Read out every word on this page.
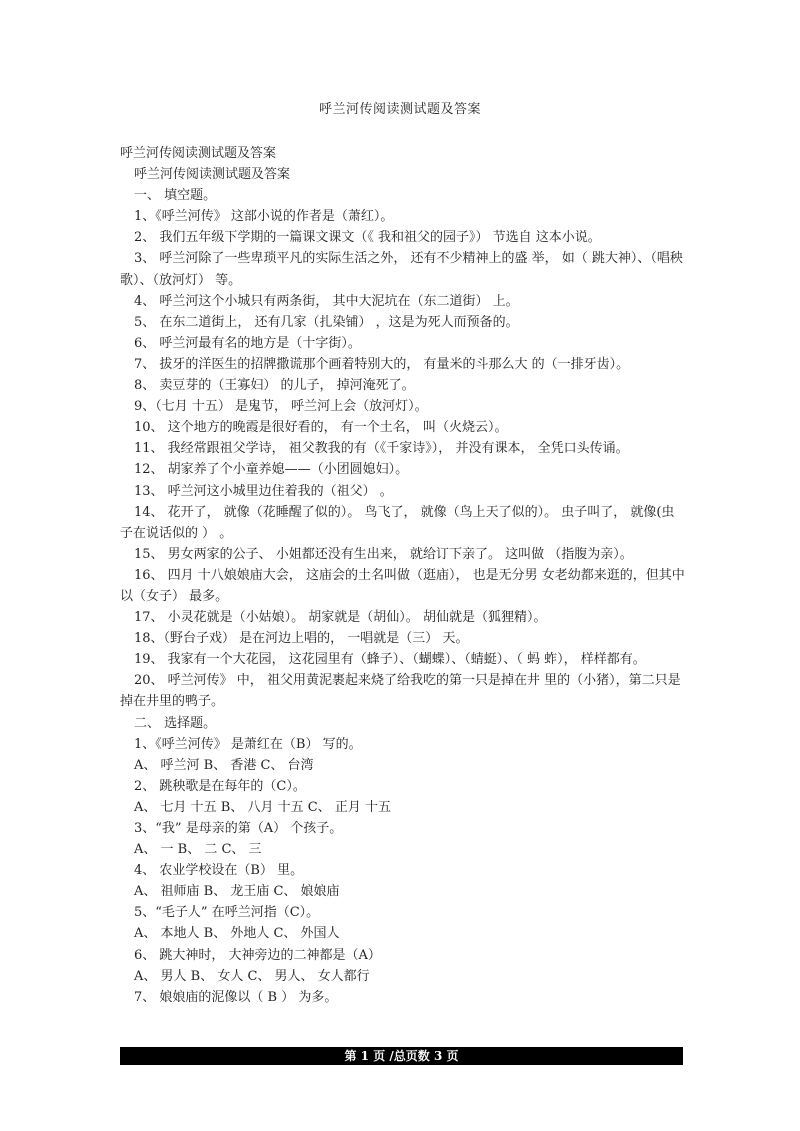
呼兰河传阅读测试题及答案

呼兰河传阅读测试题及答案

呼兰河传阅读测试题及答案

一、 填空题。

1、《呼兰河传》 这部小说的作者是（萧红）。

2、 我们五年级下学期的一篇课文课文（《 我和祖父的园子》） 节选自 这本小说。

3、 呼兰河除了一些卑琐平凡的实际生活之外， 还有不少精神上的盛 举， 如（ 跳大神）、（唱秧歌）、（放河灯） 等。

4、 呼兰河这个小城只有两条街， 其中大泥坑在（东二道街） 上。

5、 在东二道街上， 还有几家（扎染铺） ，这是为死人而预备的。

6、 呼兰河最有名的地方是（十字街）。

7、 拔牙的洋医生的招牌撒谎那个画着特别大的， 有量米的斗那么大 的（一排牙齿）。

8、 卖豆芽的（王寡妇） 的儿子， 掉河淹死了。

9、（七月 十五） 是鬼节， 呼兰河上会（放河灯）。

10、 这个地方的晚霞是很好看的， 有一个土名， 叫（火烧云）。

11、 我经常跟祖父学诗， 祖父教我的有（《千家诗》）， 并没有课本， 全凭口头传诵。

12、 胡家养了个小童养媳——（小团圆媳妇）。

13、 呼兰河这小城里边住着我的（祖父） 。

14、 花开了， 就像（花睡醒了似的）。 鸟飞了， 就像（鸟上天了似的）。 虫子叫了， 就像(虫子在说话似的 ） 。

15、 男女两家的公子、 小姐都还没有生出来， 就给订下亲了。 这叫做 （指腹为亲）。

16、 四月 十八娘娘庙大会， 这庙会的土名叫做（逛庙）， 也是无分男 女老幼都来逛的，但其中以（女子） 最多。

17、 小灵花就是（小姑娘）。 胡家就是（胡仙）。 胡仙就是（狐狸精）。

18、（野台子戏） 是在河边上唱的， 一唱就是（三） 天。

19、 我家有一个大花园， 这花园里有（蜂子）、（蝴蝶）、（蜻蜓）、（ 蚂 蚱）， 样样都有。

20、 呼兰河传》 中， 祖父用黄泥裹起来烧了给我吃的第一只是掉在井 里的（小猪），第二只是掉在井里的鸭子。

二、 选择题。

1、《呼兰河传》 是萧红在（B） 写的。

A、 呼兰河 B、 香港 C、 台湾

2、 跳秧歌是在每年的（C）。

A、 七月 十五 B、 八月 十五 C、 正月 十五

3、“我” 是母亲的第（A） 个孩子。

A、 一 B、 二 C、 三

4、 农业学校设在（B） 里。

A、 祖师庙 B、 龙王庙 C、 娘娘庙

5、“毛子人” 在呼兰河指（C）。

A、 本地人 B、 外地人 C、 外国人

6、 跳大神时， 大神旁边的二神都是（A）

A、 男人 B、 女人 C、 男人、 女人都行

7、 娘娘庙的泥像以（ B ） 为多。

第 1 页 /总页数 3 页
